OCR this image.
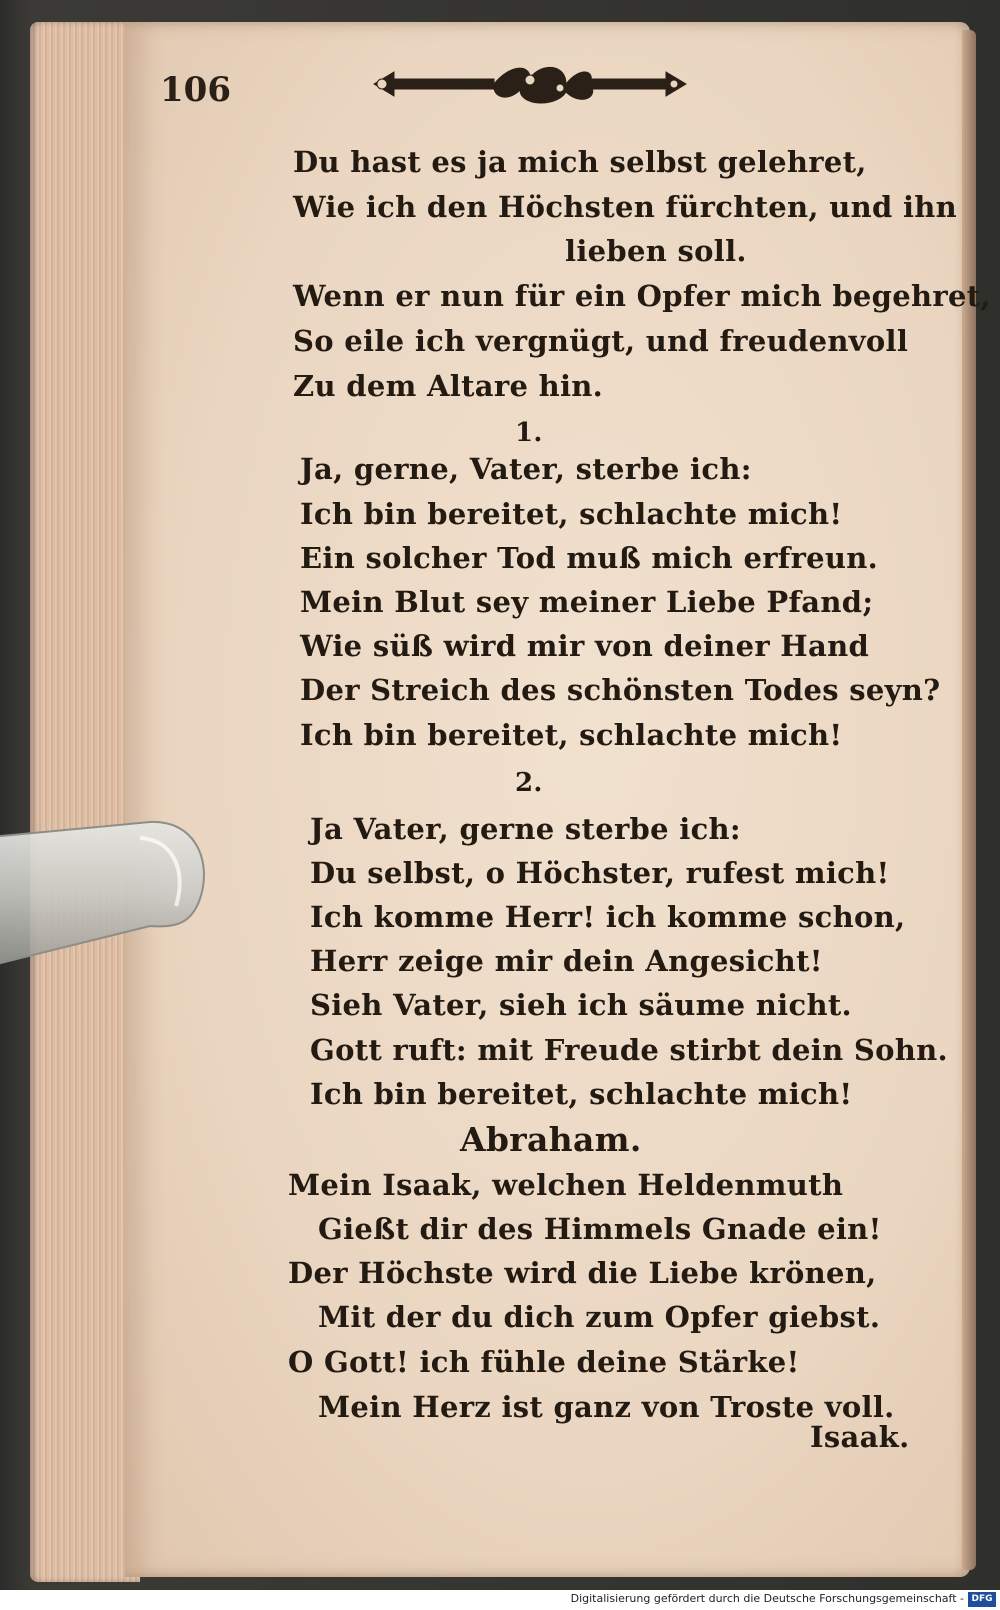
106
Du hast es ja mich selbst gelehret,
Wie ich den Höchsten fürchten, und ihn
lieben soll.
Wenn er nun für ein Opfer mich begehret,
So eile ich vergnügt, und freudenvoll
Zu dem Altare hin.
1.
Ja, gerne, Vater, sterbe ich:
Ich bin bereitet, schlachte mich!
Ein solcher Tod muß mich erfreun.
Mein Blut sey meiner Liebe Pfand;
Wie süß wird mir von deiner Hand
Der Streich des schönsten Todes seyn?
Ich bin bereitet, schlachte mich!
2.
Ja Vater, gerne sterbe ich:
Du selbst, o Höchster, rufest mich!
Ich komme Herr! ich komme schon,
Herr zeige mir dein Angesicht!
Sieh Vater, sieh ich säume nicht.
Gott ruft: mit Freude stirbt dein Sohn.
Ich bin bereitet, schlachte mich!
Abraham.
Mein Isaak, welchen Heldenmuth
Gießt dir des Himmels Gnade ein!
Der Höchste wird die Liebe krönen,
Mit der du dich zum Opfer giebst.
O Gott! ich fühle deine Stärke!
Mein Herz ist ganz von Troste voll.
Isaak.
Digitalisierung gefördert durch die Deutsche Forschungsgemeinschaft - DFG
